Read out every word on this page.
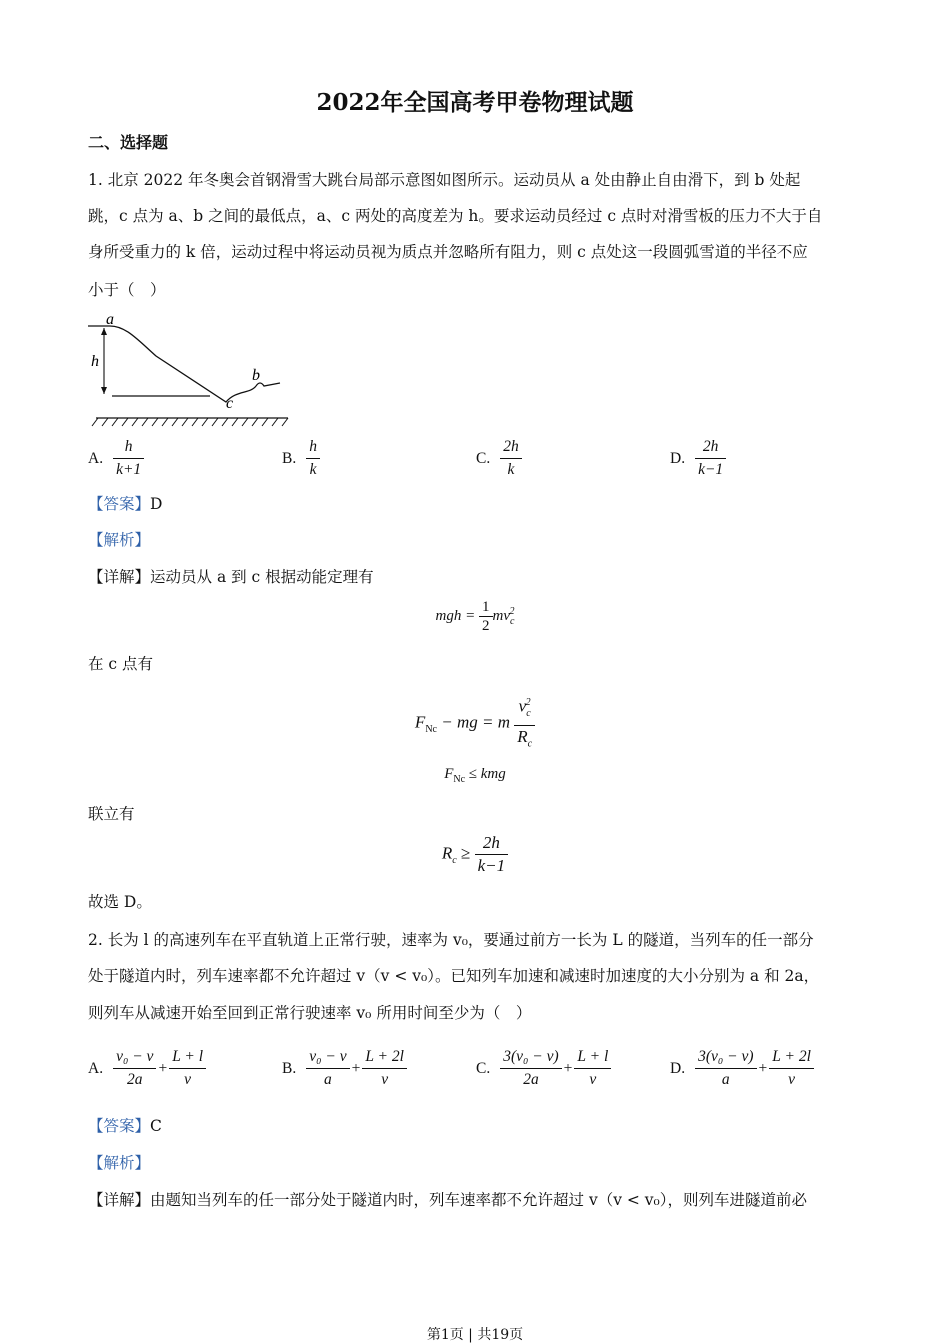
2022年全国高考甲卷物理试题
二、选择题
1. 北京 2022 年冬奥会首钢滑雪大跳台局部示意图如图所示。运动员从 a 处由静止自由滑下，到 b 处起
跳，c 点为 a、b 之间的最低点，a、c 两处的高度差为 h。要求运动员经过 c 点时对滑雪板的压力不大于自
身所受重力的 k 倍，运动过程中将运动员视为质点并忽略所有阻力，则 c 点处这一段圆弧雪道的半径不应
小于（　）
a
h
b
c
A. $\frac{h}{k+1}$	B. $\frac{h}{k}$	C. $\frac{2h}{k}$	D. $\frac{2h}{k-1}$
【答案】D
【解析】
【详解】运动员从 a 到 c 根据动能定理有
mgh = $\frac{1}{2} mv_c^2$
在 c 点有
$F_{Nc}$ − mg = m $\frac{v_c^2}{R_c}$
$F_{Nc}$ ≤ kmg
联立有
$R_c \ge \frac{2h}{k-1}$
故选 D。
2. 长为 l 的高速列车在平直轨道上正常行驶，速率为 v₀，要通过前方一长为 L 的隧道，当列车的任一部分
处于隧道内时，列车速率都不允许超过 v（v < v₀）。已知列车加速和减速时加速度的大小分别为 a 和 2a，
则列车从减速开始至回到正常行驶速率 v₀ 所用时间至少为（　）
A. $\frac{\text{v₀ − v}}{2a} + \frac{L + l}{v}$	B. $\frac{\text{v₀ − v}}{a} + \frac{L + 2l}{v}$	C. $\frac{\text{3(v₀ − v)}}{2a} + \frac{L + l}{v}$	D. $\frac{\text{3(v₀ − v)}}{a} + \frac{L + 2l}{v}$
【答案】C
【解析】
【详解】由题知当列车的任一部分处于隧道内时，列车速率都不允许超过 v（v < v₀），则列车进隧道前必
第1页 | 共19页
